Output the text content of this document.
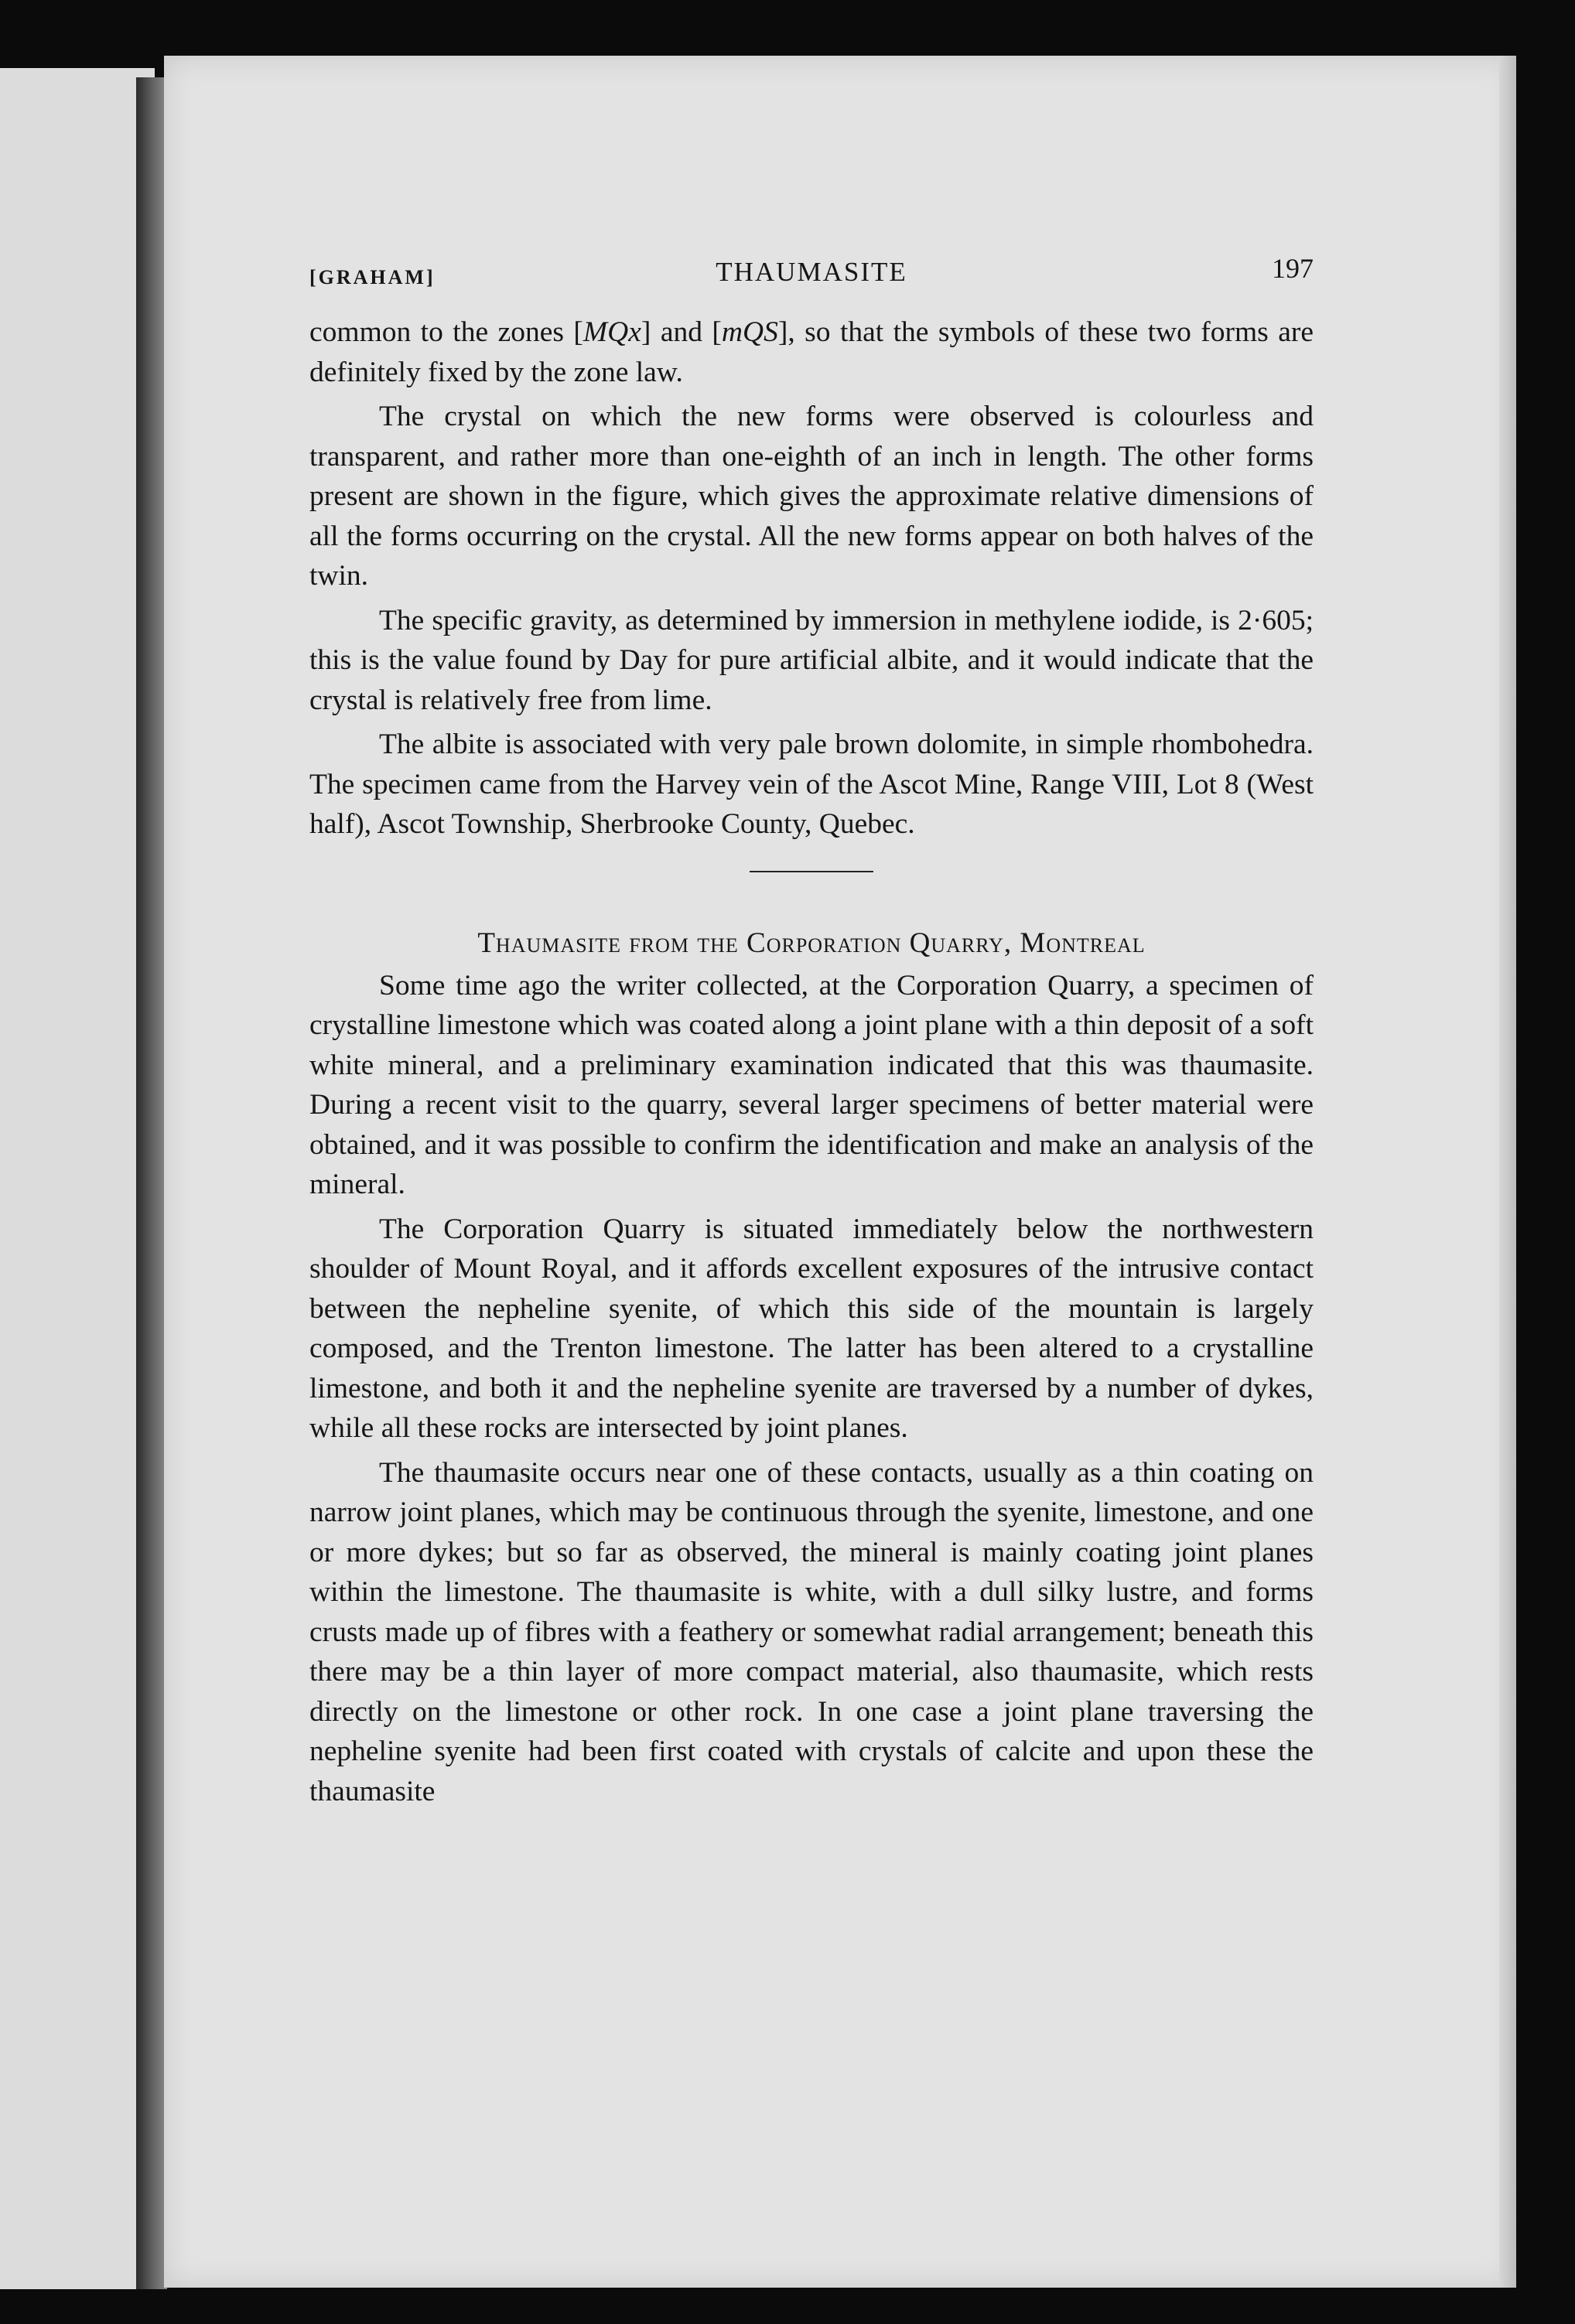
[GRAHAM]	THAUMASITE	197

common to the zones [MQx] and [mQS], so that the symbols of these two forms are definitely fixed by the zone law.

The crystal on which the new forms were observed is colourless and transparent, and rather more than one-eighth of an inch in length. The other forms present are shown in the figure, which gives the approximate relative dimensions of all the forms occurring on the crystal. All the new forms appear on both halves of the twin.

The specific gravity, as determined by immersion in methylene iodide, is 2·605; this is the value found by Day for pure artificial albite, and it would indicate that the crystal is relatively free from lime.

The albite is associated with very pale brown dolomite, in simple rhombohedra. The specimen came from the Harvey vein of the Ascot Mine, Range VIII, Lot 8 (West half), Ascot Township, Sherbrooke County, Quebec.

Thaumasite from the Corporation Quarry, Montreal

Some time ago the writer collected, at the Corporation Quarry, a specimen of crystalline limestone which was coated along a joint plane with a thin deposit of a soft white mineral, and a preliminary examination indicated that this was thaumasite. During a recent visit to the quarry, several larger specimens of better material were obtained, and it was possible to confirm the identification and make an analysis of the mineral.

The Corporation Quarry is situated immediately below the northwestern shoulder of Mount Royal, and it affords excellent exposures of the intrusive contact between the nepheline syenite, of which this side of the mountain is largely composed, and the Trenton limestone. The latter has been altered to a crystalline limestone, and both it and the nepheline syenite are traversed by a number of dykes, while all these rocks are intersected by joint planes.

The thaumasite occurs near one of these contacts, usually as a thin coating on narrow joint planes, which may be continuous through the syenite, limestone, and one or more dykes; but so far as observed, the mineral is mainly coating joint planes within the limestone. The thaumasite is white, with a dull silky lustre, and forms crusts made up of fibres with a feathery or somewhat radial arrangement; beneath this there may be a thin layer of more compact material, also thaumasite, which rests directly on the limestone or other rock. In one case a joint plane traversing the nepheline syenite had been first coated with crystals of calcite and upon these the thaumasite
